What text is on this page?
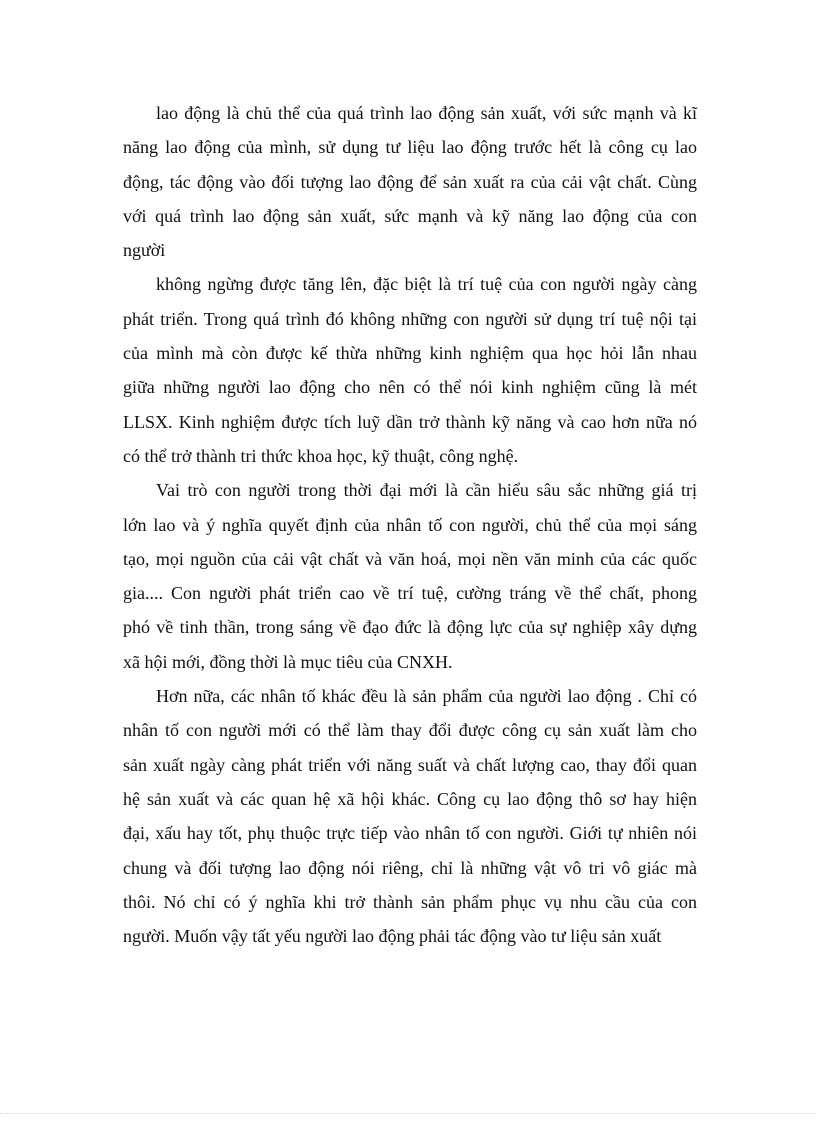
lao động là chủ thể của quá trình lao động sản xuất, với sức mạnh và kĩ
năng lao động của mình, sử dụng tư liệu lao động trước hết là công cụ lao
động, tác động vào đối tượng lao động để sản xuất ra của cải vật chất. Cùng
với quá trình lao động sản xuất, sức mạnh và kỹ năng lao động của con
người
không ngừng được tăng lên, đặc biệt là trí tuệ của con người ngày càng
phát triển. Trong quá trình đó không những con người sử dụng trí tuệ nội tại
của mình mà còn được kế thừa những kinh nghiệm qua học hỏi lẫn nhau
giữa những người lao động cho nên có thể nói kinh nghiệm cũng là mét
LLSX. Kinh nghiệm được tích luỹ dần trở thành kỹ năng và cao hơn nữa nó
có thể trở thành tri thức khoa học, kỹ thuật, công nghệ.
Vai trò con người trong thời đại mới là cần hiểu sâu sắc những giá trị
lớn lao và ý nghĩa quyết định của nhân tố con người, chủ thể của mọi sáng
tạo, mọi nguồn của cải vật chất và văn hoá, mọi nền văn minh của các quốc
gia.... Con người phát triển cao về trí tuệ, cường tráng về thể chất, phong
phó về tinh thần, trong sáng về đạo đức là động lực của sự nghiệp xây dựng
xã hội mới, đồng thời là mục tiêu của CNXH.
Hơn nữa, các nhân tố khác đều là sản phẩm của người lao động . Chỉ có
nhân tố con người mới có thể làm thay đổi được công cụ sản xuất làm cho
sản xuất ngày càng phát triển với năng suất và chất lượng cao, thay đổi quan
hệ sản xuất và các quan hệ xã hội khác. Công cụ lao động thô sơ hay hiện
đại, xấu hay tốt, phụ thuộc trực tiếp vào nhân tố con người. Giới tự nhiên nói
chung và đối tượng lao động nói riêng, chỉ là những vật vô tri vô giác mà
thôi. Nó chỉ có ý nghĩa khi trở thành sản phẩm phục vụ nhu cầu của con
người. Muốn vậy tất yếu người lao động phải tác động vào tư liệu sản xuất
